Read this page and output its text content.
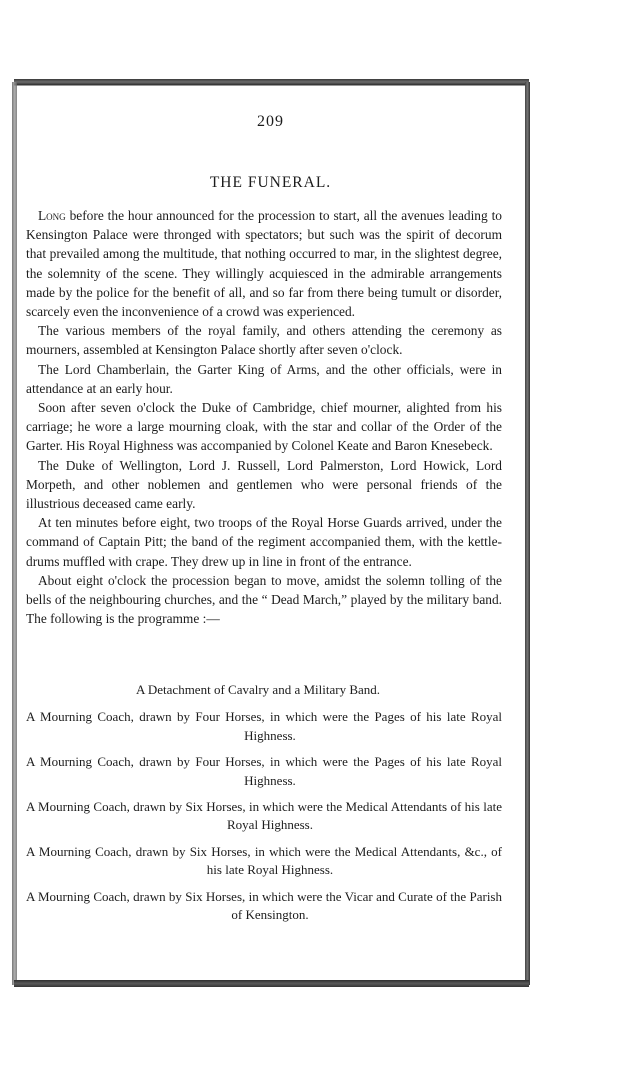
209
THE FUNERAL.

Long before the hour announced for the procession to start, all the avenues leading to Kensington Palace were thronged with spectators; but such was the spirit of decorum that prevailed among the multitude, that nothing occurred to mar, in the slightest degree, the solemnity of the scene. They willingly acquiesced in the admirable arrangements made by the police for the benefit of all, and so far from there being tumult or disorder, scarcely even the inconvenience of a crowd was experienced.

The various members of the royal family, and others attending the ceremony as mourners, assembled at Kensington Palace shortly after seven o'clock.

The Lord Chamberlain, the Garter King of Arms, and the other officials, were in attendance at an early hour.

Soon after seven o'clock the Duke of Cambridge, chief mourner, alighted from his carriage; he wore a large mourning cloak, with the star and collar of the Order of the Garter. His Royal Highness was accompanied by Colonel Keate and Baron Knesebeck.

The Duke of Wellington, Lord J. Russell, Lord Palmerston, Lord Howick, Lord Morpeth, and other noblemen and gentlemen who were personal friends of the illustrious deceased came early.

At ten minutes before eight, two troops of the Royal Horse Guards arrived, under the command of Captain Pitt; the band of the regiment accompanied them, with the kettle-drums muffled with crape. They drew up in line in front of the entrance.

About eight o'clock the procession began to move, amidst the solemn tolling of the bells of the neighbouring churches, and the “ Dead March,” played by the military band. The following is the programme :—

A Detachment of Cavalry and a Military Band.
A Mourning Coach, drawn by Four Horses, in which were the Pages of his late Royal Highness.
A Mourning Coach, drawn by Four Horses, in which were the Pages of his late Royal Highness.
A Mourning Coach, drawn by Six Horses, in which were the Medical Attendants of his late Royal Highness.
A Mourning Coach, drawn by Six Horses, in which were the Medical Attendants, &c., of his late Royal Highness.
A Mourning Coach, drawn by Six Horses, in which were the Vicar and Curate of the Parish of Kensington.
